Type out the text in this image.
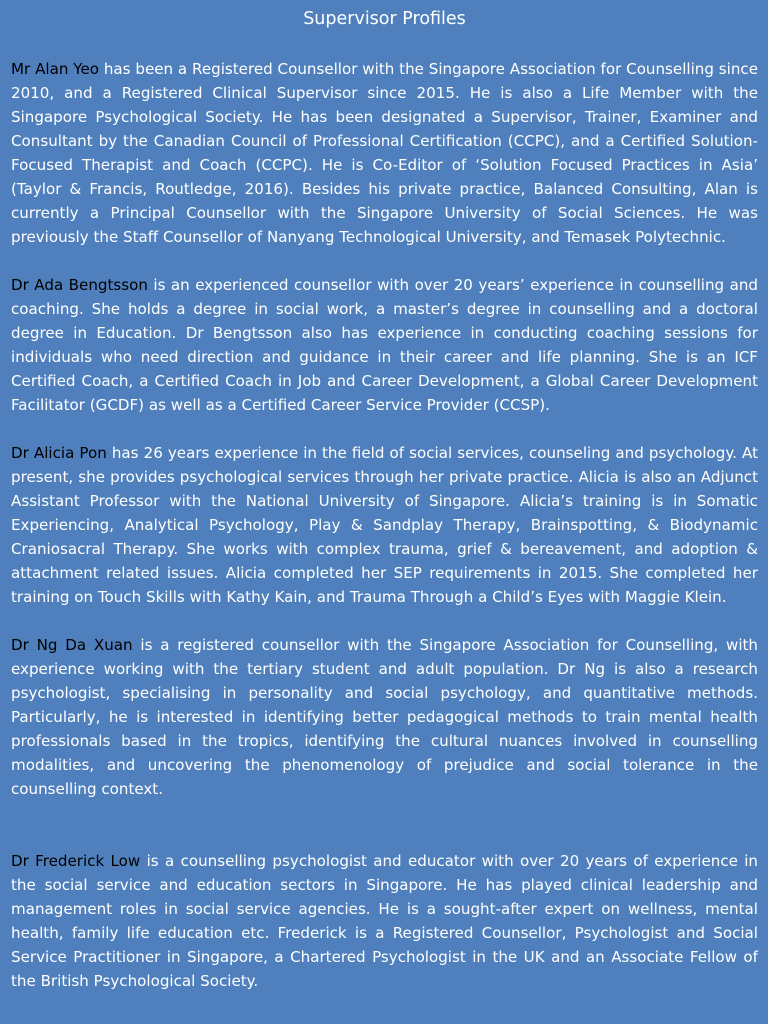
Supervisor Profiles

Mr Alan Yeo has been a Registered Counsellor with the Singapore Association for Counselling since 2010, and a Registered Clinical Supervisor since 2015. He is also a Life Member with the Singapore Psychological Society. He has been designated a Supervisor, Trainer, Examiner and Consultant by the Canadian Council of Professional Certification (CCPC), and a Certified Solution-Focused Therapist and Coach (CCPC). He is Co-Editor of ‘Solution Focused Practices in Asia’ (Taylor & Francis, Routledge, 2016). Besides his private practice, Balanced Consulting, Alan is currently a Principal Counsellor with the Singapore University of Social Sciences. He was previously the Staff Counsellor of Nanyang Technological University, and Temasek Polytechnic.

Dr Ada Bengtsson is an experienced counsellor with over 20 years’ experience in counselling and coaching. She holds a degree in social work, a master’s degree in counselling and a doctoral degree in Education. Dr Bengtsson also has experience in conducting coaching sessions for individuals who need direction and guidance in their career and life planning. She is an ICF Certified Coach, a Certified Coach in Job and Career Development, a Global Career Development Facilitator (GCDF) as well as a Certified Career Service Provider (CCSP).

Dr Alicia Pon has 26 years experience in the field of social services, counseling and psychology. At present, she provides psychological services through her private practice. Alicia is also an Adjunct Assistant Professor with the National University of Singapore. Alicia’s training is in Somatic Experiencing, Analytical Psychology, Play & Sandplay Therapy, Brainspotting, & Biodynamic Craniosacral Therapy. She works with complex trauma, grief & bereavement, and adoption & attachment related issues. Alicia completed her SEP requirements in 2015. She completed her training on Touch Skills with Kathy Kain, and Trauma Through a Child’s Eyes with Maggie Klein.

Dr Ng Da Xuan is a registered counsellor with the Singapore Association for Counselling, with experience working with the tertiary student and adult population. Dr Ng is also a research psychologist, specialising in personality and social psychology, and quantitative methods. Particularly, he is interested in identifying better pedagogical methods to train mental health professionals based in the tropics, identifying the cultural nuances involved in counselling modalities, and uncovering the phenomenology of prejudice and social tolerance in the counselling context.

Dr Frederick Low is a counselling psychologist and educator with over 20 years of experience in the social service and education sectors in Singapore. He has played clinical leadership and management roles in social service agencies. He is a sought-after expert on wellness, mental health, family life education etc. Frederick is a Registered Counsellor, Psychologist and Social Service Practitioner in Singapore, a Chartered Psychologist in the UK and an Associate Fellow of the British Psychological Society.
